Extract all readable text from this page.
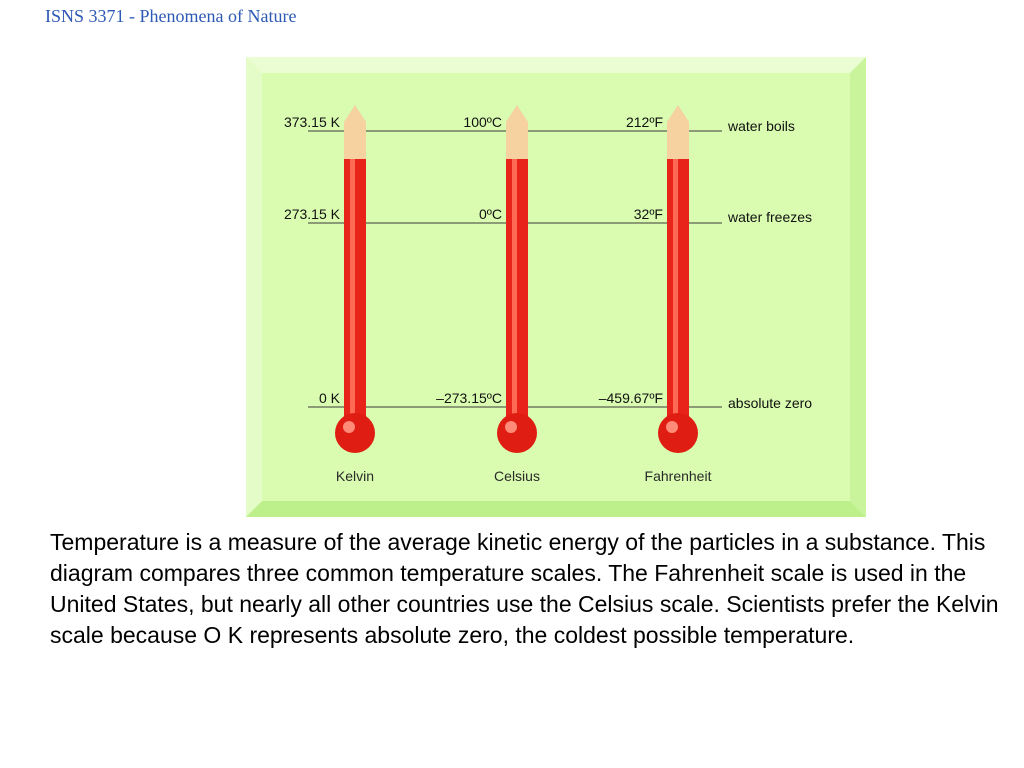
ISNS 3371 - Phenomena of Nature
373.15 K
273.15 K
0 K
Kelvin
100ºC
0ºC
–273.15ºC
Celsius
212ºF
32ºF
–459.67ºF
Fahrenheit
water boils
water freezes
absolute zero

Temperature is a measure of the average kinetic energy of the particles in a substance. This diagram compares three common temperature scales. The Fahrenheit scale is used in the United States, but nearly all other countries use the Celsius scale. Scientists prefer the Kelvin scale because O K represents absolute zero, the coldest possible temperature.
